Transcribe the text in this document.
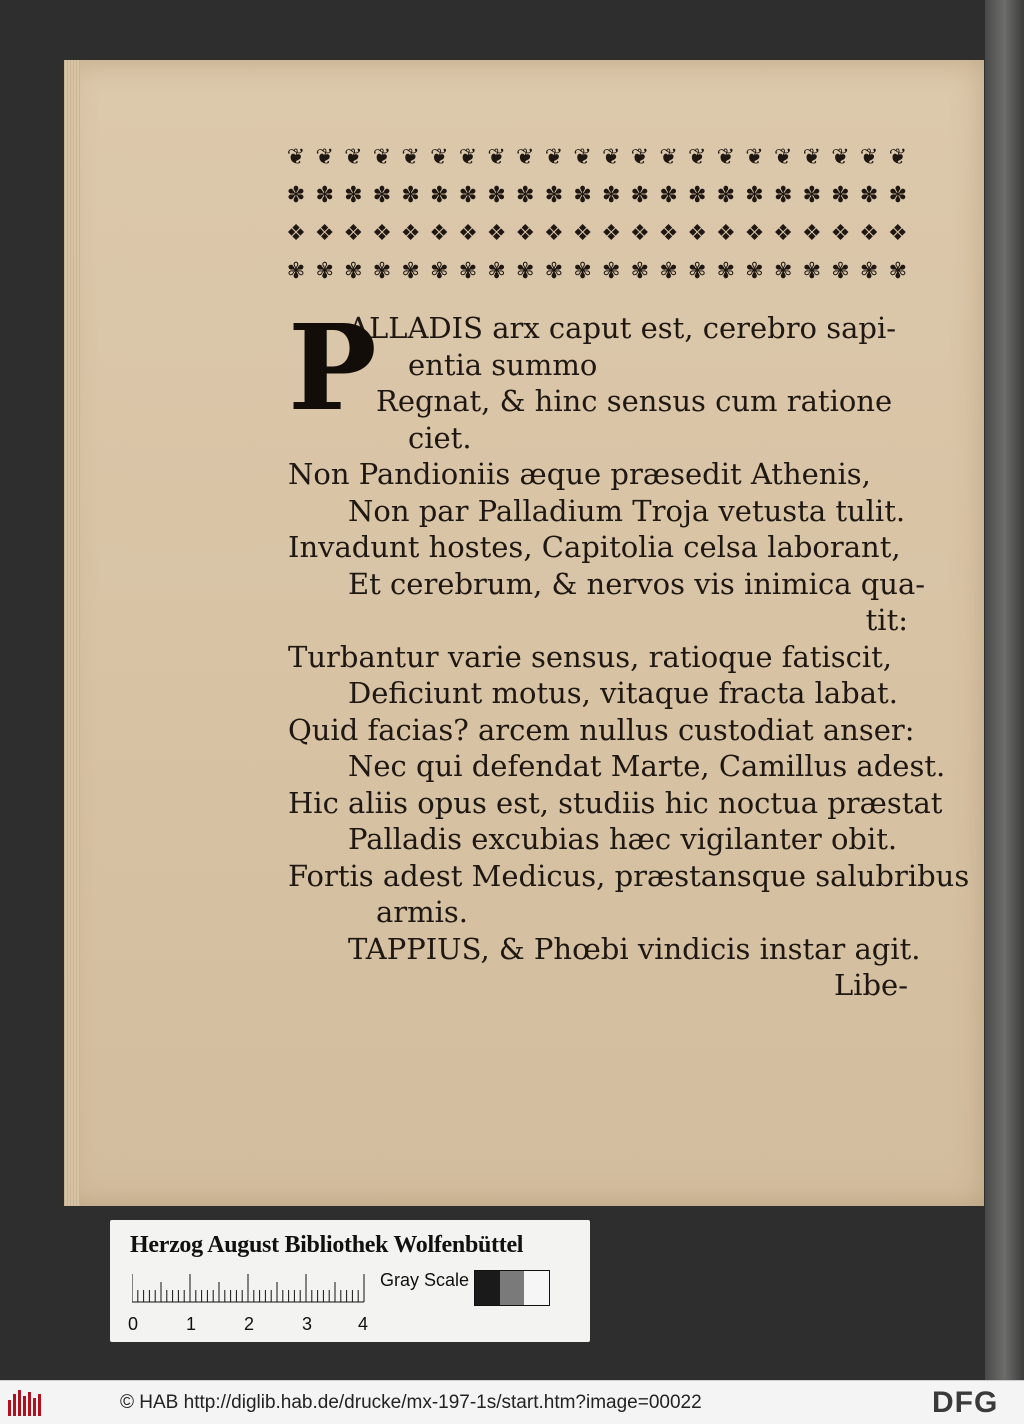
❦ ❦ ❦ ❦ ❦ ❦ ❦ ❦ ❦ ❦ ❦ ❦ ❦ ❦ ❦ ❦ ❦ ❦ ❦ ❦ ❦ ❦
✽ ✽ ✽ ✽ ✽ ✽ ✽ ✽ ✽ ✽ ✽ ✽ ✽ ✽ ✽ ✽ ✽ ✽ ✽ ✽ ✽ ✽
❖ ❖ ❖ ❖ ❖ ❖ ❖ ❖ ❖ ❖ ❖ ❖ ❖ ❖ ❖ ❖ ❖ ❖ ❖ ❖ ❖ ❖
✾ ✾ ✾ ✾ ✾ ✾ ✾ ✾ ✾ ✾ ✾ ✾ ✾ ✾ ✾ ✾ ✾ ✾ ✾ ✾ ✾ ✾
P
ALLADIS arx caput est, cerebro sapi-
entia summo
Regnat, & hinc sensus cum ratione
ciet.
Non Pandioniis æque præsedit Athenis,
Non par Palladium Troja vetusta tulit.
Invadunt hostes, Capitolia celsa laborant,
Et cerebrum, & nervos vis inimica qua-
tit:
Turbantur varie sensus, ratioque fatiscit,
Deficiunt motus, vitaque fracta labat.
Quid facias? arcem nullus custodiat anser:
Nec qui defendat Marte, Camillus adest.
Hic aliis opus est, studiis hic noctua præstat
Palladis excubias hæc vigilanter obit.
Fortis adest Medicus, præstansque salubribus
armis.
TAPPIUS, & Phœbi vindicis instar agit.
Libe-
Herzog August Bibliothek Wolfenbüttel
0	1	2	3	4
Gray Scale
© HAB http://diglib.hab.de/drucke/mx-197-1s/start.htm?image=00022	DFG
